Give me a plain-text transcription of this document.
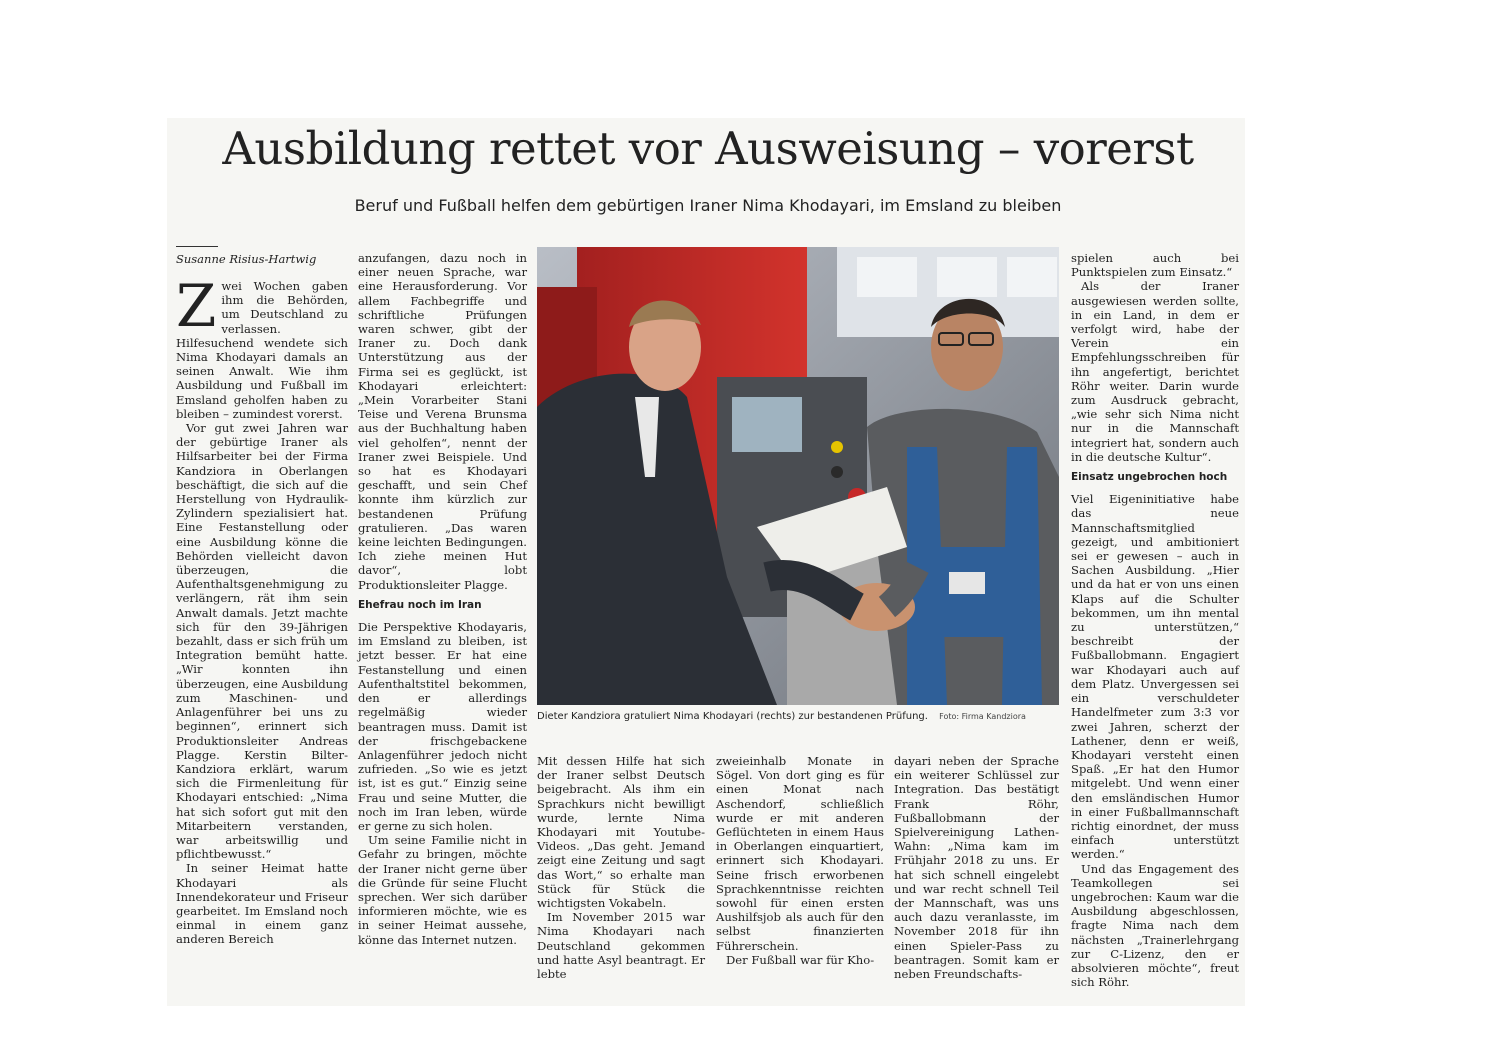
Ausbildung rettet vor Ausweisung – vorerst
Beruf und Fußball helfen dem gebürtigen Iraner Nima Khodayari, im Emsland zu bleiben
Susanne Risius-Hartwig
Z wei Wochen gaben ihm die Behörden, um Deutschland zu verlassen. Hilfesuchend wendete sich Nima Khodayari damals an seinen Anwalt. Wie ihm Ausbildung und Fußball im Emsland geholfen haben zu bleiben – zumindest vorerst.

Vor gut zwei Jahren war der gebürtige Iraner als Hilfsarbeiter bei der Firma Kandziora in Oberlangen beschäftigt, die sich auf die Herstellung von Hydraulik-Zylindern spezialisiert hat. Eine Festanstellung oder eine Ausbildung könne die Behörden vielleicht davon überzeugen, die Aufenthaltsgenehmigung zu verlängern, rät ihm sein Anwalt damals. Jetzt machte sich für den 39-Jährigen bezahlt, dass er sich früh um Integration bemüht hatte. „Wir konnten ihn überzeugen, eine Ausbildung zum Maschinen- und Anlagenführer bei uns zu beginnen“, erinnert sich Produktionsleiter Andreas Plagge. Kerstin Bilter-Kandziora erklärt, warum sich die Firmenleitung für Khodayari entschied: „Nima hat sich sofort gut mit den Mitarbeitern verstanden, war arbeitswillig und pflichtbewusst.“

In seiner Heimat hatte Khodayari als Innendekorateur und Friseur gearbeitet. Im Emsland noch einmal in einem ganz anderen Bereich

anzufangen, dazu noch in einer neuen Sprache, war eine Herausforderung. Vor allem Fachbegriffe und schriftliche Prüfungen waren schwer, gibt der Iraner zu. Doch dank Unterstützung aus der Firma sei es geglückt, ist Khodayari erleichtert: „Mein Vorarbeiter Stani Teise und Verena Brunsma aus der Buchhaltung haben viel geholfen“, nennt der Iraner zwei Beispiele. Und so hat es Khodayari geschafft, und sein Chef konnte ihm kürzlich zur bestandenen Prüfung gratulieren. „Das waren keine leichten Bedingungen. Ich ziehe meinen Hut davor“, lobt Produktionsleiter Plagge.

Ehefrau noch im Iran

Die Perspektive Khodayaris, im Emsland zu bleiben, ist jetzt besser. Er hat eine Festanstellung und einen Aufenthaltstitel bekommen, den er allerdings regelmäßig wieder beantragen muss. Damit ist der frischgebackene Anlagenführer jedoch nicht zufrieden. „So wie es jetzt ist, ist es gut.“ Einzig seine Frau und seine Mutter, die noch im Iran leben, würde er gerne zu sich holen.

Um seine Familie nicht in Gefahr zu bringen, möchte der Iraner nicht gerne über die Gründe für seine Flucht sprechen. Wer sich darüber informieren möchte, wie es in seiner Heimat aussehe, könne das Internet nutzen.

Dieter Kandziora gratuliert Nima Khodayari (rechts) zur bestandenen Prüfung. Foto: Firma Kandziora

Mit dessen Hilfe hat sich der Iraner selbst Deutsch beigebracht. Als ihm ein Sprachkurs nicht bewilligt wurde, lernte Nima Khodayari mit Youtube-Videos. „Das geht. Jemand zeigt eine Zeitung und sagt das Wort,“ so erhalte man Stück für Stück die wichtigsten Vokabeln.

Im November 2015 war Nima Khodayari nach Deutschland gekommen und hatte Asyl beantragt. Er lebte

zweieinhalb Monate in Sögel. Von dort ging es für einen Monat nach Aschendorf, schließlich wurde er mit anderen Geflüchteten in einem Haus in Oberlangen einquartiert, erinnert sich Khodayari. Seine frisch erworbenen Sprachkenntnisse reichten sowohl für einen ersten Aushilfsjob als auch für den selbst finanzierten Führerschein.

Der Fußball war für Kho-

dayari neben der Sprache ein weiterer Schlüssel zur Integration. Das bestätigt Frank Röhr, Fußballobmann der Spielvereinigung Lathen-Wahn: „Nima kam im Frühjahr 2018 zu uns. Er hat sich schnell eingelebt und war recht schnell Teil der Mannschaft, was uns auch dazu veranlasste, im November 2018 für ihn einen Spieler-Pass zu beantragen. Somit kam er neben Freundschafts-

spielen auch bei Punktspielen zum Einsatz.“

Als der Iraner ausgewiesen werden sollte, in ein Land, in dem er verfolgt wird, habe der Verein ein Empfehlungsschreiben für ihn angefertigt, berichtet Röhr weiter. Darin wurde zum Ausdruck gebracht, „wie sehr sich Nima nicht nur in die Mannschaft integriert hat, sondern auch in die deutsche Kultur“.

Einsatz ungebrochen hoch

Viel Eigeninitiative habe das neue Mannschaftsmitglied gezeigt, und ambitioniert sei er gewesen – auch in Sachen Ausbildung. „Hier und da hat er von uns einen Klaps auf die Schulter bekommen, um ihn mental zu unterstützen,“ beschreibt der Fußballobmann. Engagiert war Khodayari auch auf dem Platz. Unvergessen sei ein verschuldeter Handelfmeter zum 3:3 vor zwei Jahren, scherzt der Lathener, denn er weiß, Khodayari versteht einen Spaß. „Er hat den Humor mitgelebt. Und wenn einer den emsländischen Humor in einer Fußballmannschaft richtig einordnet, der muss einfach unterstützt werden.“

Und das Engagement des Teamkollegen sei ungebrochen: Kaum war die Ausbildung abgeschlossen, fragte Nima nach dem nächsten „Trainerlehrgang zur C-Lizenz, den er absolvieren möchte“, freut sich Röhr.
